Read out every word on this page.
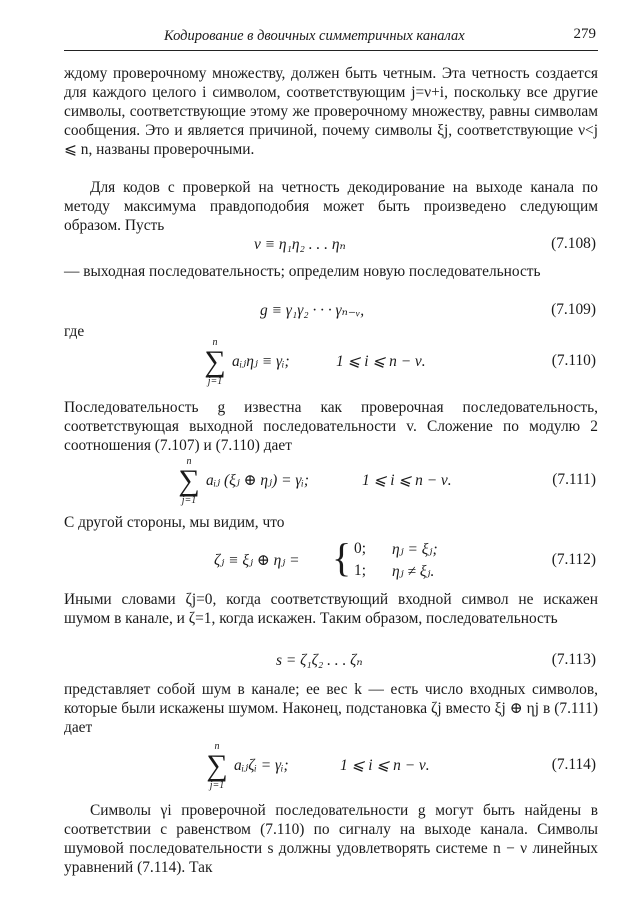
Кодирование в двоичных симметричных каналах	279

ждому проверочному множеству, должен быть четным. Эта четность создается для каждого целого i символом, соответствующим j=ν+i, поскольку все другие символы, соответствующие этому же проверочному множеству, равны символам сообщения. Это и является причиной, почему символы ξj, соответствующие ν<j ⩽ n, названы проверочными.

Для кодов с проверкой на четность декодирование на выходе канала по методу максимума правдоподобия может быть произведено следующим образом. Пусть

v ≡ η₁η₂ . . . ηₙ	(7.108)

— выходная последовательность; определим новую последовательность

g ≡ γ₁γ₂ · · · γₙ₋ᵥ,	(7.109)
где
n
∑
j=1
aᵢⱼηⱼ ≡ γᵢ;	1 ⩽ i ⩽ n − ν.	(7.110)

Последовательность g известна как проверочная последовательность, соответствующая выходной последовательности v. Сложение по модулю 2 соотношения (7.107) и (7.110) дает

n
∑
j=1
aᵢⱼ (ξⱼ ⊕ ηⱼ) = γᵢ;	1 ⩽ i ⩽ n − ν.	(7.111)
С другой стороны, мы видим, что
ζⱼ ≡ ξⱼ ⊕ ηⱼ = { 0; ηⱼ = ξⱼ;
1; ηⱼ ≠ ξⱼ.
(7.112)

Иными словами ζj=0, когда соответствующий входной символ не искажен шумом в канале, и ζ=1, когда искажен. Таким образом, последовательность

s = ζ₁ζ₂ . . . ζₙ	(7.113)

представляет собой шум в канале; ее вес k — есть число входных символов, которые были искажены шумом. Наконец, подстановка ζj вместо ξj ⊕ ηj в (7.111) дает

n
∑
j=1
aᵢⱼζᵢ = γᵢ;	1 ⩽ i ⩽ n − ν.	(7.114)

Символы γi проверочной последовательности g могут быть найдены в соответствии с равенством (7.110) по сигналу на выходе канала. Символы шумовой последовательности s должны удовлетворять системе n − ν линейных уравнений (7.114). Так
